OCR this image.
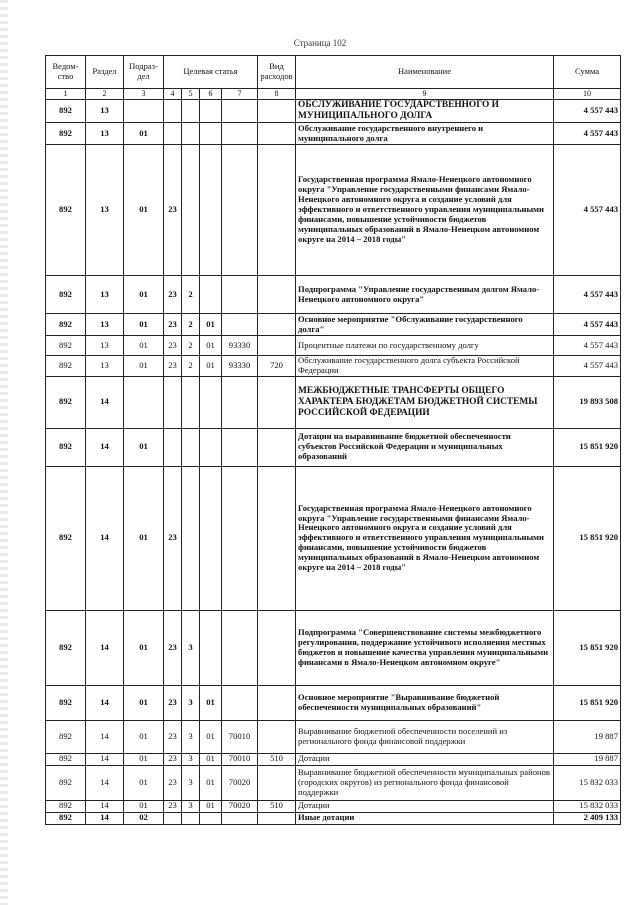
Страница 102
Ведом-ство	Раздел	Подраз-дел	Целевая статья				Вид расходов	Наименование	Сумма
1	2	3	4	5	6	7	8	9	10
892	13							ОБСЛУЖИВАНИЕ ГОСУДАРСТВЕННОГО И МУНИЦИПАЛЬНОГО ДОЛГА	4 557 443
892	13	01						Обслуживание государственного внутреннего и муниципального долга	4 557 443
892	13	01	23					Государственная программа Ямало-Ненецкого автономного округа "Управление государственными финансами Ямало-Ненецкого автономного округа и создание условий для эффективного и ответственного управления муниципальными финансами, повышение устойчивости бюджетов муниципальных образований в Ямало-Ненецком автономном округе на 2014 – 2018 годы"	4 557 443
892	13	01	23	2				Подпрограмма "Управление государственным долгом Ямало-Ненецкого автономного округа"	4 557 443
892	13	01	23	2	01			Основное мероприятие "Обслуживание государственного долга"	4 557 443
892	13	01	23	2	01	93330		Процентные платежи по государственному долгу	4 557 443
892	13	01	23	2	01	93330	720	Обслуживание государственного долга субъекта Российской Федерации	4 557 443
892	14							МЕЖБЮДЖЕТНЫЕ ТРАНСФЕРТЫ ОБЩЕГО ХАРАКТЕРА БЮДЖЕТАМ БЮДЖЕТНОЙ СИСТЕМЫ РОССИЙСКОЙ ФЕДЕРАЦИИ	19 893 508
892	14	01						Дотации на выравнивание бюджетной обеспеченности субъектов Российской Федерации и муниципальных образований	15 851 920
892	14	01	23					Государственная программа Ямало-Ненецкого автономного округа "Управление государственными финансами Ямало-Ненецкого автономного округа и создание условий для эффективного и ответственного управления муниципальными финансами, повышение устойчивости бюджетов муниципальных образований в Ямало-Ненецком автономном округе на 2014 – 2018 годы"	15 851 920
892	14	01	23	3				Подпрограмма "Совершенствование системы межбюджетного регулирования, поддержание устойчивого исполнения местных бюджетов и повышение качества управления муниципальными финансами в Ямало-Ненецком автономном округе"	15 851 920
892	14	01	23	3	01			Основное мероприятие "Выравнивание бюджетной обеспеченности муниципальных образований"	15 851 920
892	14	01	23	3	01	70010		Выравнивание бюджетной обеспеченности поселений из регионального фонда финансовой поддержки	19 887
892	14	01	23	3	01	70010	510	Дотации	19 887
892	14	01	23	3	01	70020		Выравнивание бюджетной обеспеченности муниципальных районов (городских округов) из регионального фонда финансовой поддержки	15 832 033
892	14	01	23	3	01	70020	510	Дотации	15 832 033
892	14	02						Иные дотации	2 409 133
